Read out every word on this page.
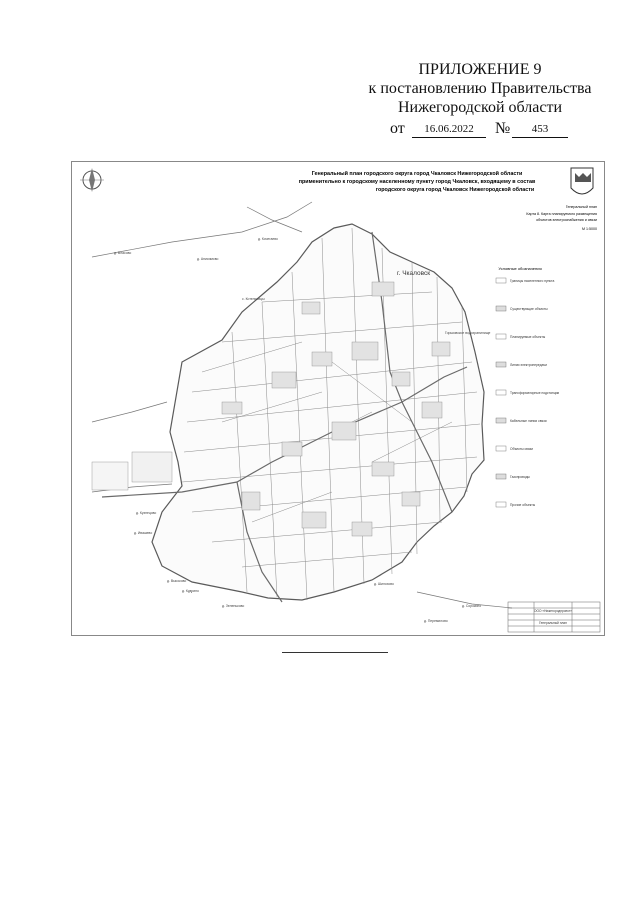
ПРИЛОЖЕНИЕ 9
к постановлению Правительства
Нижегородской области
от	16.06.2022	№	453
Генеральный план городского округа город Чкаловск Нижегородской области
применительно к городскому населенному пункту город Чкаловск, входящему в состав
городского округа город Чкаловск Нижегородской области
Генеральный план
Карта 8. Карта планируемого размещения
объектов электроснабжения и связи
М 1:5000
г. Чкаловск
Горьковское водохранилище
д. Кочегаево
д. Анисимово
д. Власово
с. Котельницы
д. Кузнецово
д. Ивашево
д. Высоково
д. Кудрино
д. Зеленьково
д. Шилохово
д. Сорокино
д. Перемилово
Условные обозначения
Границы населенного пункта
Существующие объекты
Планируемые объекты
Линии электропередачи
Трансформаторные подстанции
Кабельные линии связи
Объекты связи
Газопроводы
Прочие объекты
ООО «Нижегородпроект»
Генеральный план
